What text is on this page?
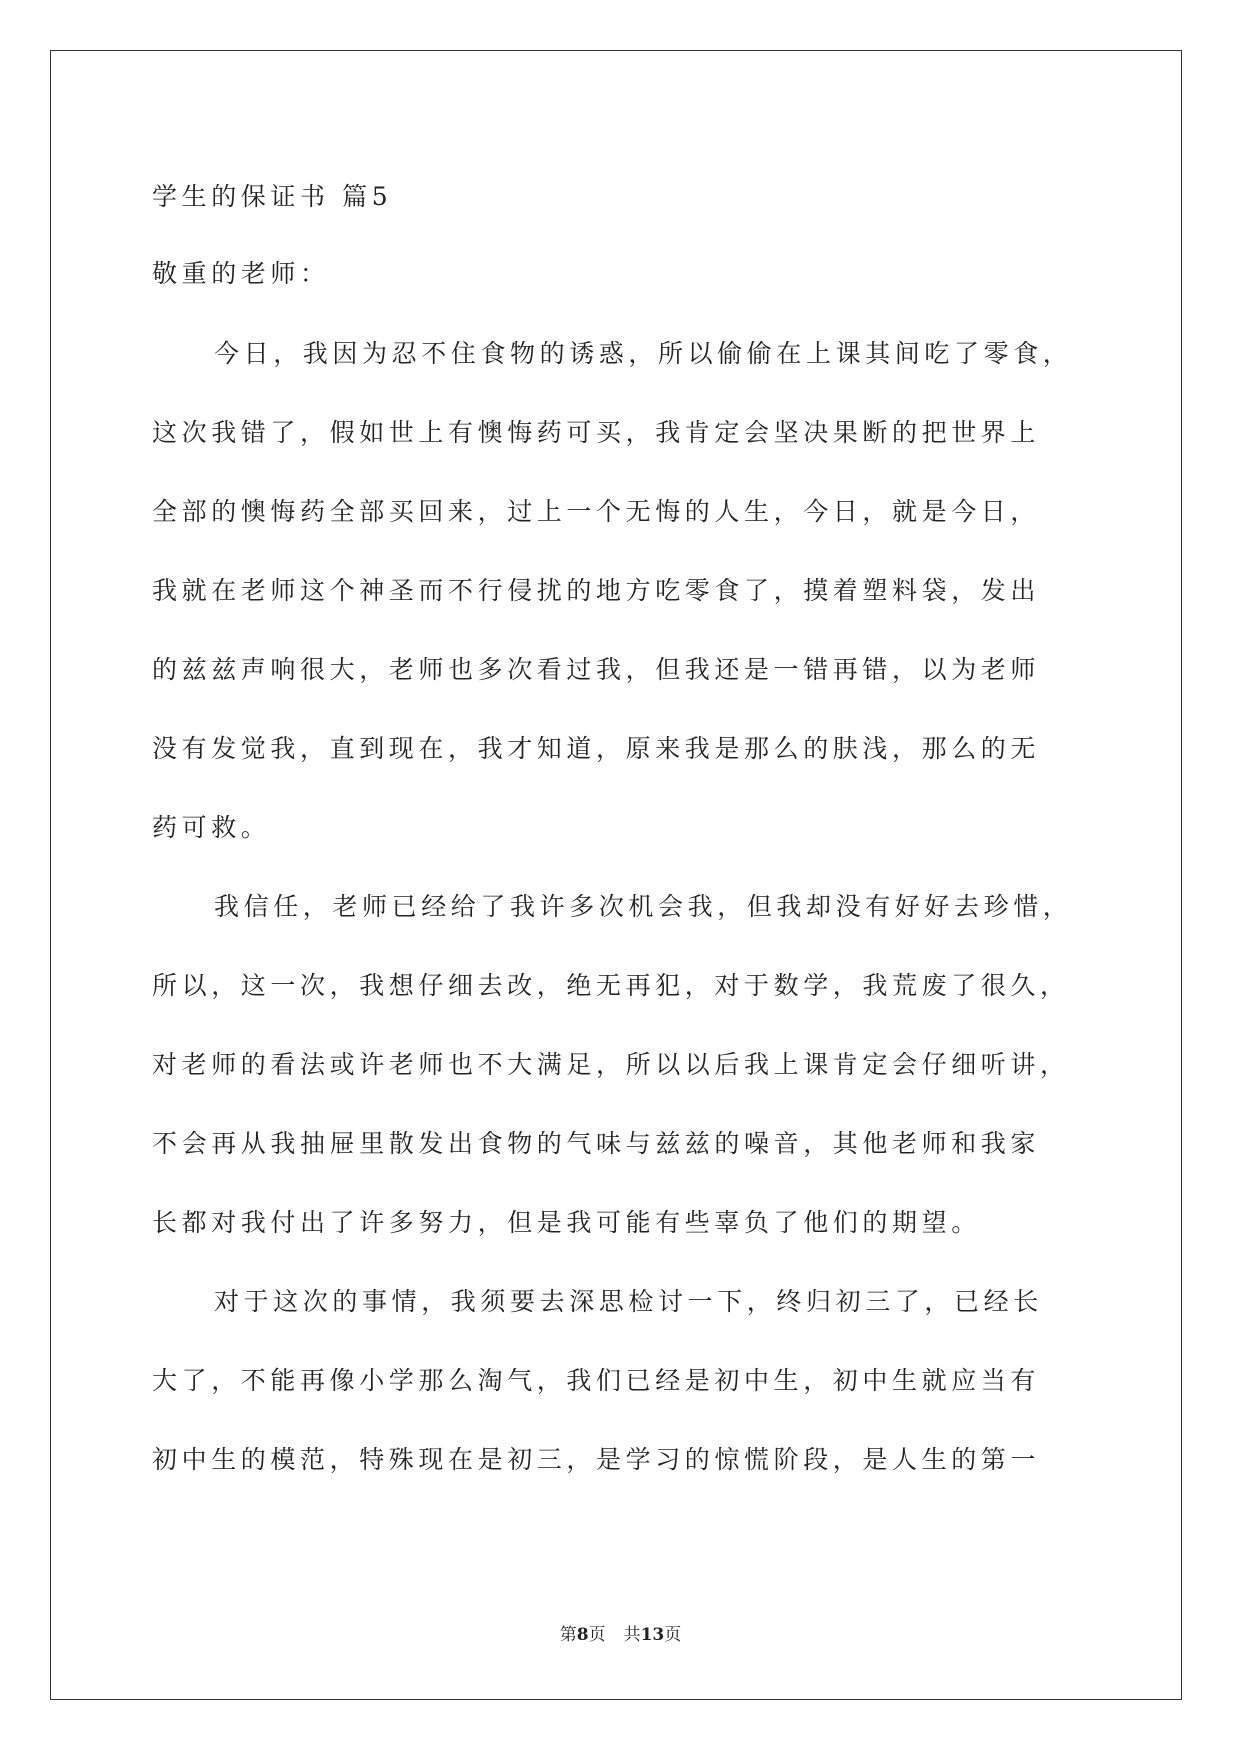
学生的保证书 篇5
敬重的老师：
今日，我因为忍不住食物的诱惑，所以偷偷在上课其间吃了零食，
这次我错了，假如世上有懊悔药可买，我肯定会坚决果断的把世界上
全部的懊悔药全部买回来，过上一个无悔的人生，今日，就是今日，
我就在老师这个神圣而不行侵扰的地方吃零食了，摸着塑料袋，发出
的兹兹声响很大，老师也多次看过我，但我还是一错再错，以为老师
没有发觉我，直到现在，我才知道，原来我是那么的肤浅，那么的无
药可救。
我信任，老师已经给了我许多次机会我，但我却没有好好去珍惜，
所以，这一次，我想仔细去改，绝无再犯，对于数学，我荒废了很久，
对老师的看法或许老师也不大满足，所以以后我上课肯定会仔细听讲，
不会再从我抽屉里散发出食物的气味与兹兹的噪音，其他老师和我家
长都对我付出了许多努力，但是我可能有些辜负了他们的期望。
对于这次的事情，我须要去深思检讨一下，终归初三了，已经长
大了，不能再像小学那么淘气，我们已经是初中生，初中生就应当有
初中生的模范，特殊现在是初三，是学习的惊慌阶段，是人生的第一
第8页 共13页
